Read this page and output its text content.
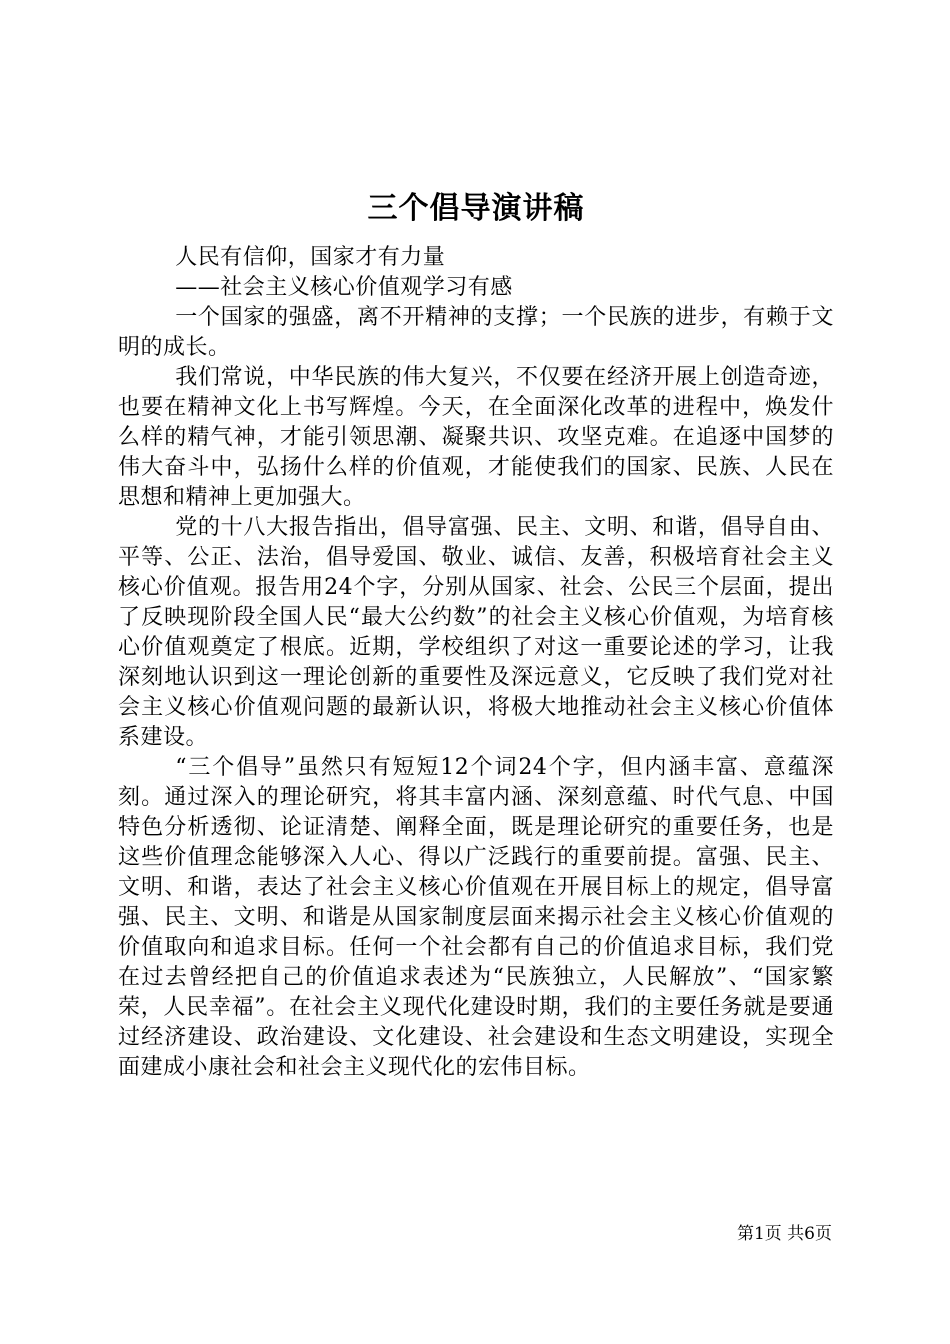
三个倡导演讲稿

人民有信仰，国家才有力量

——社会主义核心价值观学习有感

一个国家的强盛，离不开精神的支撑；一个民族的进步，有赖于文明的成长。

我们常说，中华民族的伟大复兴，不仅要在经济开展上创造奇迹，也要在精神文化上书写辉煌。今天，在全面深化改革的进程中，焕发什么样的精气神，才能引领思潮、凝聚共识、攻坚克难。在追逐中国梦的伟大奋斗中，弘扬什么样的价值观，才能使我们的国家、民族、人民在思想和精神上更加强大。

党的十八大报告指出，倡导富强、民主、文明、和谐，倡导自由、平等、公正、法治，倡导爱国、敬业、诚信、友善，积极培育社会主义核心价值观。报告用24个字，分别从国家、社会、公民三个层面，提出了反映现阶段全国人民“最大公约数”的社会主义核心价值观，为培育核心价值观奠定了根底。近期，学校组织了对这一重要论述的学习，让我深刻地认识到这一理论创新的重要性及深远意义，它反映了我们党对社会主义核心价值观问题的最新认识，将极大地推动社会主义核心价值体系建设。

“三个倡导”虽然只有短短12个词24个字，但内涵丰富、意蕴深刻。通过深入的理论研究，将其丰富内涵、深刻意蕴、时代气息、中国特色分析透彻、论证清楚、阐释全面，既是理论研究的重要任务，也是这些价值理念能够深入人心、得以广泛践行的重要前提。富强、民主、文明、和谐，表达了社会主义核心价值观在开展目标上的规定，倡导富强、民主、文明、和谐是从国家制度层面来揭示社会主义核心价值观的价值取向和追求目标。任何一个社会都有自己的价值追求目标，我们党在过去曾经把自己的价值追求表述为“民族独立，人民解放”、“国家繁荣，人民幸福”。在社会主义现代化建设时期，我们的主要任务就是要通过经济建设、政治建设、文化建设、社会建设和生态文明建设，实现全面建成小康社会和社会主义现代化的宏伟目标。

第1页 共6页
